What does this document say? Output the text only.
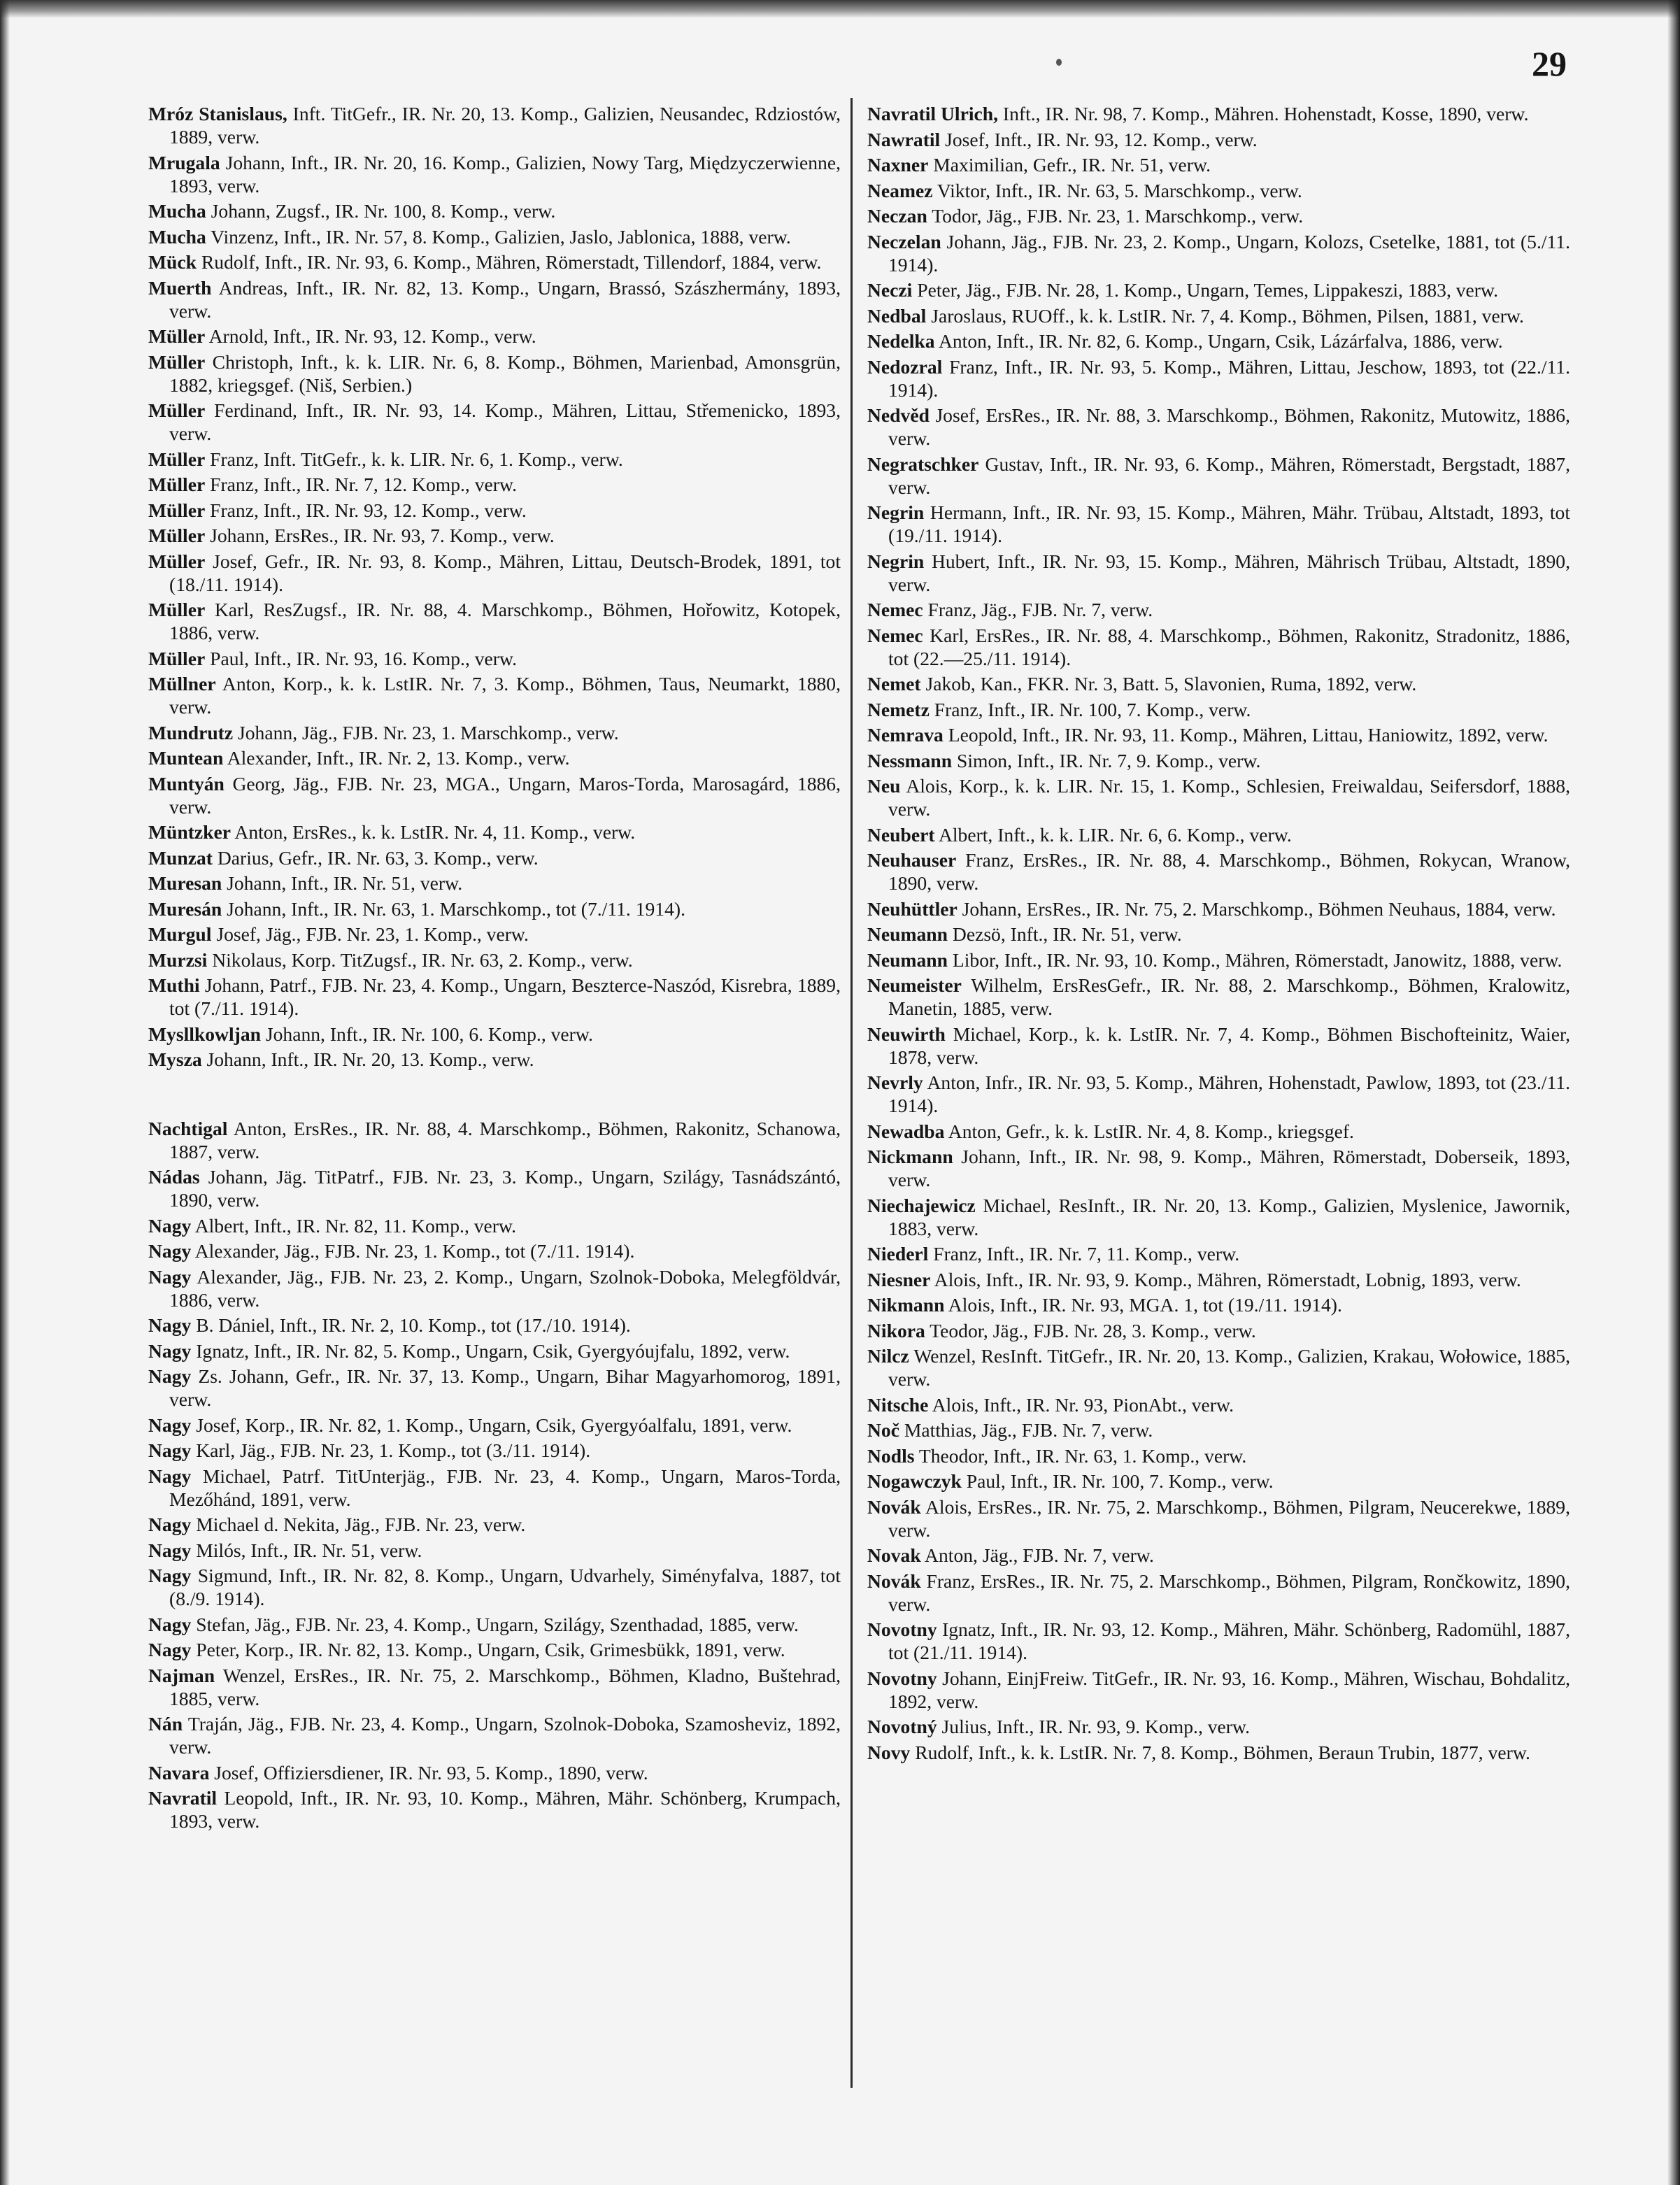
29
Mróz Stanislaus, Inft. TitGefr., IR. Nr. 20, 13. Komp., Galizien, Neusandec, Rdziostów, 1889, verw.
Mrugala Johann, Inft., IR. Nr. 20, 16. Komp., Galizien, Nowy Targ, Międzyczerwienne, 1893, verw.
Mucha Johann, Zugsf., IR. Nr. 100, 8. Komp., verw.
Mucha Vinzenz, Inft., IR. Nr. 57, 8. Komp., Galizien, Jaslo, Jablonica, 1888, verw.
Mück Rudolf, Inft., IR. Nr. 93, 6. Komp., Mähren, Römerstadt, Tillendorf, 1884, verw.
Muerth Andreas, Inft., IR. Nr. 82, 13. Komp., Ungarn, Brassó, Szászhermány, 1893, verw.
Müller Arnold, Inft., IR. Nr. 93, 12. Komp., verw.
Müller Christoph, Inft., k. k. LIR. Nr. 6, 8. Komp., Böhmen, Marienbad, Amonsgrün, 1882, kriegsgef. (Niš, Serbien.)
Müller Ferdinand, Inft., IR. Nr. 93, 14. Komp., Mähren, Littau, Střemenicko, 1893, verw.
Müller Franz, Inft. TitGefr., k. k. LIR. Nr. 6, 1. Komp., verw.
Müller Franz, Inft., IR. Nr. 7, 12. Komp., verw.
Müller Franz, Inft., IR. Nr. 93, 12. Komp., verw.
Müller Johann, ErsRes., IR. Nr. 93, 7. Komp., verw.
Müller Josef, Gefr., IR. Nr. 93, 8. Komp., Mähren, Littau, Deutsch-Brodek, 1891, tot (18./11. 1914).
Müller Karl, ResZugsf., IR. Nr. 88, 4. Marschkomp., Böhmen, Hořowitz, Kotopek, 1886, verw.
Müller Paul, Inft., IR. Nr. 93, 16. Komp., verw.
Müllner Anton, Korp., k. k. LstIR. Nr. 7, 3. Komp., Böhmen, Taus, Neumarkt, 1880, verw.
Mundrutz Johann, Jäg., FJB. Nr. 23, 1. Marschkomp., verw.
Muntean Alexander, Inft., IR. Nr. 2, 13. Komp., verw.
Muntyán Georg, Jäg., FJB. Nr. 23, MGA., Ungarn, Maros-Torda, Marosagárd, 1886, verw.
Müntzker Anton, ErsRes., k. k. LstIR. Nr. 4, 11. Komp., verw.
Munzat Darius, Gefr., IR. Nr. 63, 3. Komp., verw.
Muresan Johann, Inft., IR. Nr. 51, verw.
Muresán Johann, Inft., IR. Nr. 63, 1. Marschkomp., tot (7./11. 1914).
Murgul Josef, Jäg., FJB. Nr. 23, 1. Komp., verw.
Murzsi Nikolaus, Korp. TitZugsf., IR. Nr. 63, 2. Komp., verw.
Muthi Johann, Patrf., FJB. Nr. 23, 4. Komp., Ungarn, Beszterce-Naszód, Kisrebra, 1889, tot (7./11. 1914).
Mysllkowljan Johann, Inft., IR. Nr. 100, 6. Komp., verw.
Mysza Johann, Inft., IR. Nr. 20, 13. Komp., verw.
Nachtigal Anton, ErsRes., IR. Nr. 88, 4. Marschkomp., Böhmen, Rakonitz, Schanowa, 1887, verw.
Nádas Johann, Jäg. TitPatrf., FJB. Nr. 23, 3. Komp., Ungarn, Szilágy, Tasnádszántó, 1890, verw.
Nagy Albert, Inft., IR. Nr. 82, 11. Komp., verw.
Nagy Alexander, Jäg., FJB. Nr. 23, 1. Komp., tot (7./11. 1914).
Nagy Alexander, Jäg., FJB. Nr. 23, 2. Komp., Ungarn, Szolnok-Doboka, Melegföldvár, 1886, verw.
Nagy B. Dániel, Inft., IR. Nr. 2, 10. Komp., tot (17./10. 1914).
Nagy Ignatz, Inft., IR. Nr. 82, 5. Komp., Ungarn, Csik, Gyergyóujfalu, 1892, verw.
Nagy Zs. Johann, Gefr., IR. Nr. 37, 13. Komp., Ungarn, Bihar Magyarhomorog, 1891, verw.
Nagy Josef, Korp., IR. Nr. 82, 1. Komp., Ungarn, Csik, Gyergyóalfalu, 1891, verw.
Nagy Karl, Jäg., FJB. Nr. 23, 1. Komp., tot (3./11. 1914).
Nagy Michael, Patrf. TitUnterjäg., FJB. Nr. 23, 4. Komp., Ungarn, Maros-Torda, Mezőhánd, 1891, verw.
Nagy Michael d. Nekita, Jäg., FJB. Nr. 23, verw.
Nagy Milós, Inft., IR. Nr. 51, verw.
Nagy Sigmund, Inft., IR. Nr. 82, 8. Komp., Ungarn, Udvarhely, Siményfalva, 1887, tot (8./9. 1914).
Nagy Stefan, Jäg., FJB. Nr. 23, 4. Komp., Ungarn, Szilágy, Szenthadad, 1885, verw.
Nagy Peter, Korp., IR. Nr. 82, 13. Komp., Ungarn, Csik, Grimesbükk, 1891, verw.
Najman Wenzel, ErsRes., IR. Nr. 75, 2. Marschkomp., Böhmen, Kladno, Buštehrad, 1885, verw.
Nán Traján, Jäg., FJB. Nr. 23, 4. Komp., Ungarn, Szolnok-Doboka, Szamosheviz, 1892, verw.
Navara Josef, Offiziersdiener, IR. Nr. 93, 5. Komp., 1890, verw.
Navratil Leopold, Inft., IR. Nr. 93, 10. Komp., Mähren, Mähr. Schönberg, Krumpach, 1893, verw.
Navratil Ulrich, Inft., IR. Nr. 98, 7. Komp., Mähren. Hohenstadt, Kosse, 1890, verw.
Nawratil Josef, Inft., IR. Nr. 93, 12. Komp., verw.
Naxner Maximilian, Gefr., IR. Nr. 51, verw.
Neamez Viktor, Inft., IR. Nr. 63, 5. Marschkomp., verw.
Neczan Todor, Jäg., FJB. Nr. 23, 1. Marschkomp., verw.
Neczelan Johann, Jäg., FJB. Nr. 23, 2. Komp., Ungarn, Kolozs, Csetelke, 1881, tot (5./11. 1914).
Neczi Peter, Jäg., FJB. Nr. 28, 1. Komp., Ungarn, Temes, Lippakeszi, 1883, verw.
Nedbal Jaroslaus, RUOff., k. k. LstIR. Nr. 7, 4. Komp., Böhmen, Pilsen, 1881, verw.
Nedelka Anton, Inft., IR. Nr. 82, 6. Komp., Ungarn, Csik, Lázárfalva, 1886, verw.
Nedozral Franz, Inft., IR. Nr. 93, 5. Komp., Mähren, Littau, Jeschow, 1893, tot (22./11. 1914).
Nedvěd Josef, ErsRes., IR. Nr. 88, 3. Marschkomp., Böhmen, Rakonitz, Mutowitz, 1886, verw.
Negratschker Gustav, Inft., IR. Nr. 93, 6. Komp., Mähren, Römerstadt, Bergstadt, 1887, verw.
Negrin Hermann, Inft., IR. Nr. 93, 15. Komp., Mähren, Mähr. Trübau, Altstadt, 1893, tot (19./11. 1914).
Negrin Hubert, Inft., IR. Nr. 93, 15. Komp., Mähren, Mährisch Trübau, Altstadt, 1890, verw.
Nemec Franz, Jäg., FJB. Nr. 7, verw.
Nemec Karl, ErsRes., IR. Nr. 88, 4. Marschkomp., Böhmen, Rakonitz, Stradonitz, 1886, tot (22.—25./11. 1914).
Nemet Jakob, Kan., FKR. Nr. 3, Batt. 5, Slavonien, Ruma, 1892, verw.
Nemetz Franz, Inft., IR. Nr. 100, 7. Komp., verw.
Nemrava Leopold, Inft., IR. Nr. 93, 11. Komp., Mähren, Littau, Haniowitz, 1892, verw.
Nessmann Simon, Inft., IR. Nr. 7, 9. Komp., verw.
Neu Alois, Korp., k. k. LIR. Nr. 15, 1. Komp., Schlesien, Freiwaldau, Seifersdorf, 1888, verw.
Neubert Albert, Inft., k. k. LIR. Nr. 6, 6. Komp., verw.
Neuhauser Franz, ErsRes., IR. Nr. 88, 4. Marschkomp., Böhmen, Rokycan, Wranow, 1890, verw.
Neuhüttler Johann, ErsRes., IR. Nr. 75, 2. Marschkomp., Böhmen Neuhaus, 1884, verw.
Neumann Dezsö, Inft., IR. Nr. 51, verw.
Neumann Libor, Inft., IR. Nr. 93, 10. Komp., Mähren, Römerstadt, Janowitz, 1888, verw.
Neumeister Wilhelm, ErsResGefr., IR. Nr. 88, 2. Marschkomp., Böhmen, Kralowitz, Manetin, 1885, verw.
Neuwirth Michael, Korp., k. k. LstIR. Nr. 7, 4. Komp., Böhmen Bischofteinitz, Waier, 1878, verw.
Nevrly Anton, Infr., IR. Nr. 93, 5. Komp., Mähren, Hohenstadt, Pawlow, 1893, tot (23./11. 1914).
Newadba Anton, Gefr., k. k. LstIR. Nr. 4, 8. Komp., kriegsgef.
Nickmann Johann, Inft., IR. Nr. 98, 9. Komp., Mähren, Römerstadt, Doberseik, 1893, verw.
Niechajewicz Michael, ResInft., IR. Nr. 20, 13. Komp., Galizien, Myslenice, Jawornik, 1883, verw.
Niederl Franz, Inft., IR. Nr. 7, 11. Komp., verw.
Niesner Alois, Inft., IR. Nr. 93, 9. Komp., Mähren, Römerstadt, Lobnig, 1893, verw.
Nikmann Alois, Inft., IR. Nr. 93, MGA. 1, tot (19./11. 1914).
Nikora Teodor, Jäg., FJB. Nr. 28, 3. Komp., verw.
Nilcz Wenzel, ResInft. TitGefr., IR. Nr. 20, 13. Komp., Galizien, Krakau, Wołowice, 1885, verw.
Nitsche Alois, Inft., IR. Nr. 93, PionAbt., verw.
Noč Matthias, Jäg., FJB. Nr. 7, verw.
Nodls Theodor, Inft., IR. Nr. 63, 1. Komp., verw.
Nogawczyk Paul, Inft., IR. Nr. 100, 7. Komp., verw.
Novák Alois, ErsRes., IR. Nr. 75, 2. Marschkomp., Böhmen, Pilgram, Neucerekwe, 1889, verw.
Novak Anton, Jäg., FJB. Nr. 7, verw.
Novák Franz, ErsRes., IR. Nr. 75, 2. Marschkomp., Böhmen, Pilgram, Rončkowitz, 1890, verw.
Novotny Ignatz, Inft., IR. Nr. 93, 12. Komp., Mähren, Mähr. Schönberg, Radomühl, 1887, tot (21./11. 1914).
Novotny Johann, EinjFreiw. TitGefr., IR. Nr. 93, 16. Komp., Mähren, Wischau, Bohdalitz, 1892, verw.
Novotný Julius, Inft., IR. Nr. 93, 9. Komp., verw.
Novy Rudolf, Inft., k. k. LstIR. Nr. 7, 8. Komp., Böhmen, Beraun Trubin, 1877, verw.
